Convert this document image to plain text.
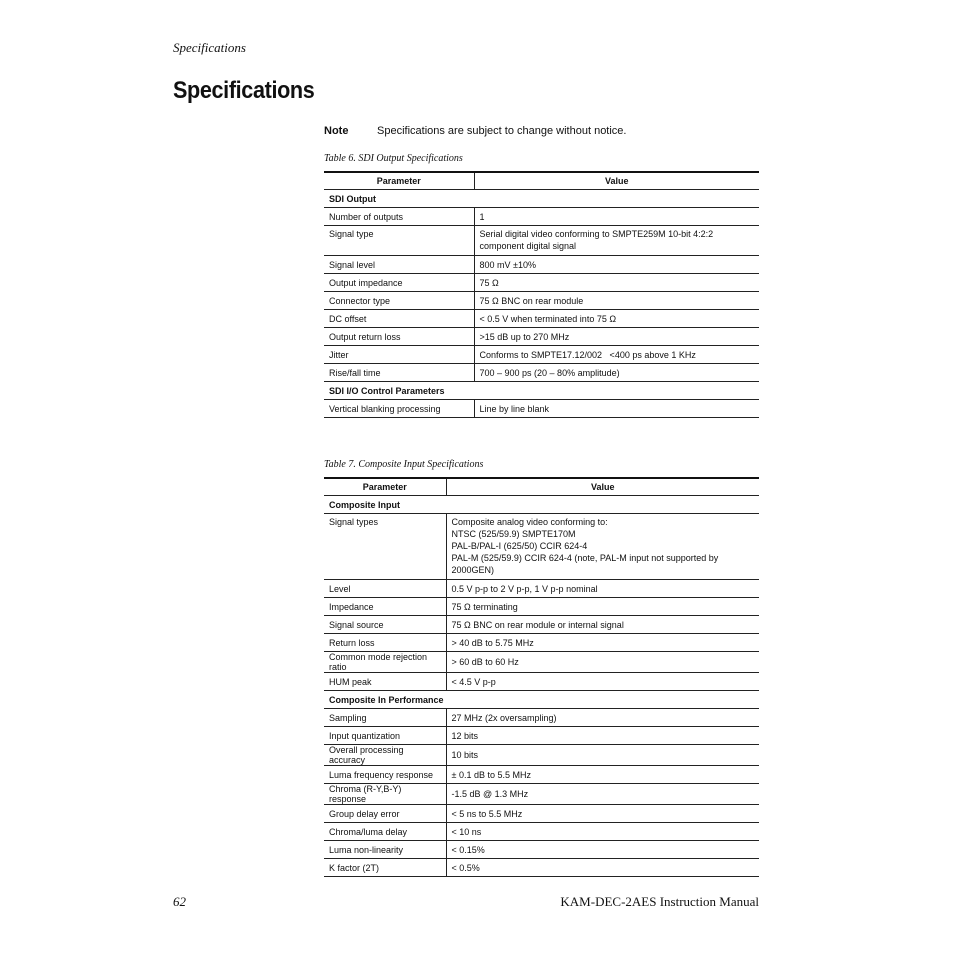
Specifications
Specifications
Note	Specifications are subject to change without notice.
Table 6. SDI Output Specifications
Parameter	Value
SDI Output	
Number of outputs	1
Signal type	Serial digital video conforming to SMPTE259M 10-bit 4:2:2 component digital signal
Signal level	800 mV ±10%
Output impedance	75 Ω
Connector type	75 Ω BNC on rear module
DC offset	< 0.5 V when terminated into 75 Ω
Output return loss	>15 dB up to 270 MHz
Jitter	Conforms to SMPTE17.12/002   <400 ps above 1 KHz
Rise/fall time	700 – 900 ps (20 – 80% amplitude)
SDI I/O Control Parameters	
Vertical blanking processing	Line by line blank
Table 7. Composite Input Specifications
Parameter	Value
Composite Input	
Signal types	Composite analog video conforming to:
NTSC (525/59.9) SMPTE170M
PAL-B/PAL-I (625/50) CCIR 624-4
PAL-M (525/59.9) CCIR 624-4 (note, PAL-M input not supported by 2000GEN)

Level	0.5 V p-p to 2 V p-p, 1 V p-p nominal
Impedance	75 Ω terminating
Signal source	75 Ω BNC on rear module or internal signal
Return loss	> 40 dB to 5.75 MHz
Common mode rejection ratio	> 60 dB to 60 Hz
HUM peak	< 4.5 V p-p
Composite In Performance	
Sampling	27 MHz (2x oversampling)
Input quantization	12 bits
Overall processing accuracy	10 bits
Luma frequency response	± 0.1 dB to 5.5 MHz
Chroma (R-Y,B-Y) response	-1.5 dB @ 1.3 MHz
Group delay error	< 5 ns to 5.5 MHz
Chroma/luma delay	< 10 ns
Luma non-linearity	< 0.15%
K factor (2T)	< 0.5%
62	KAM-DEC-2AES Instruction Manual
